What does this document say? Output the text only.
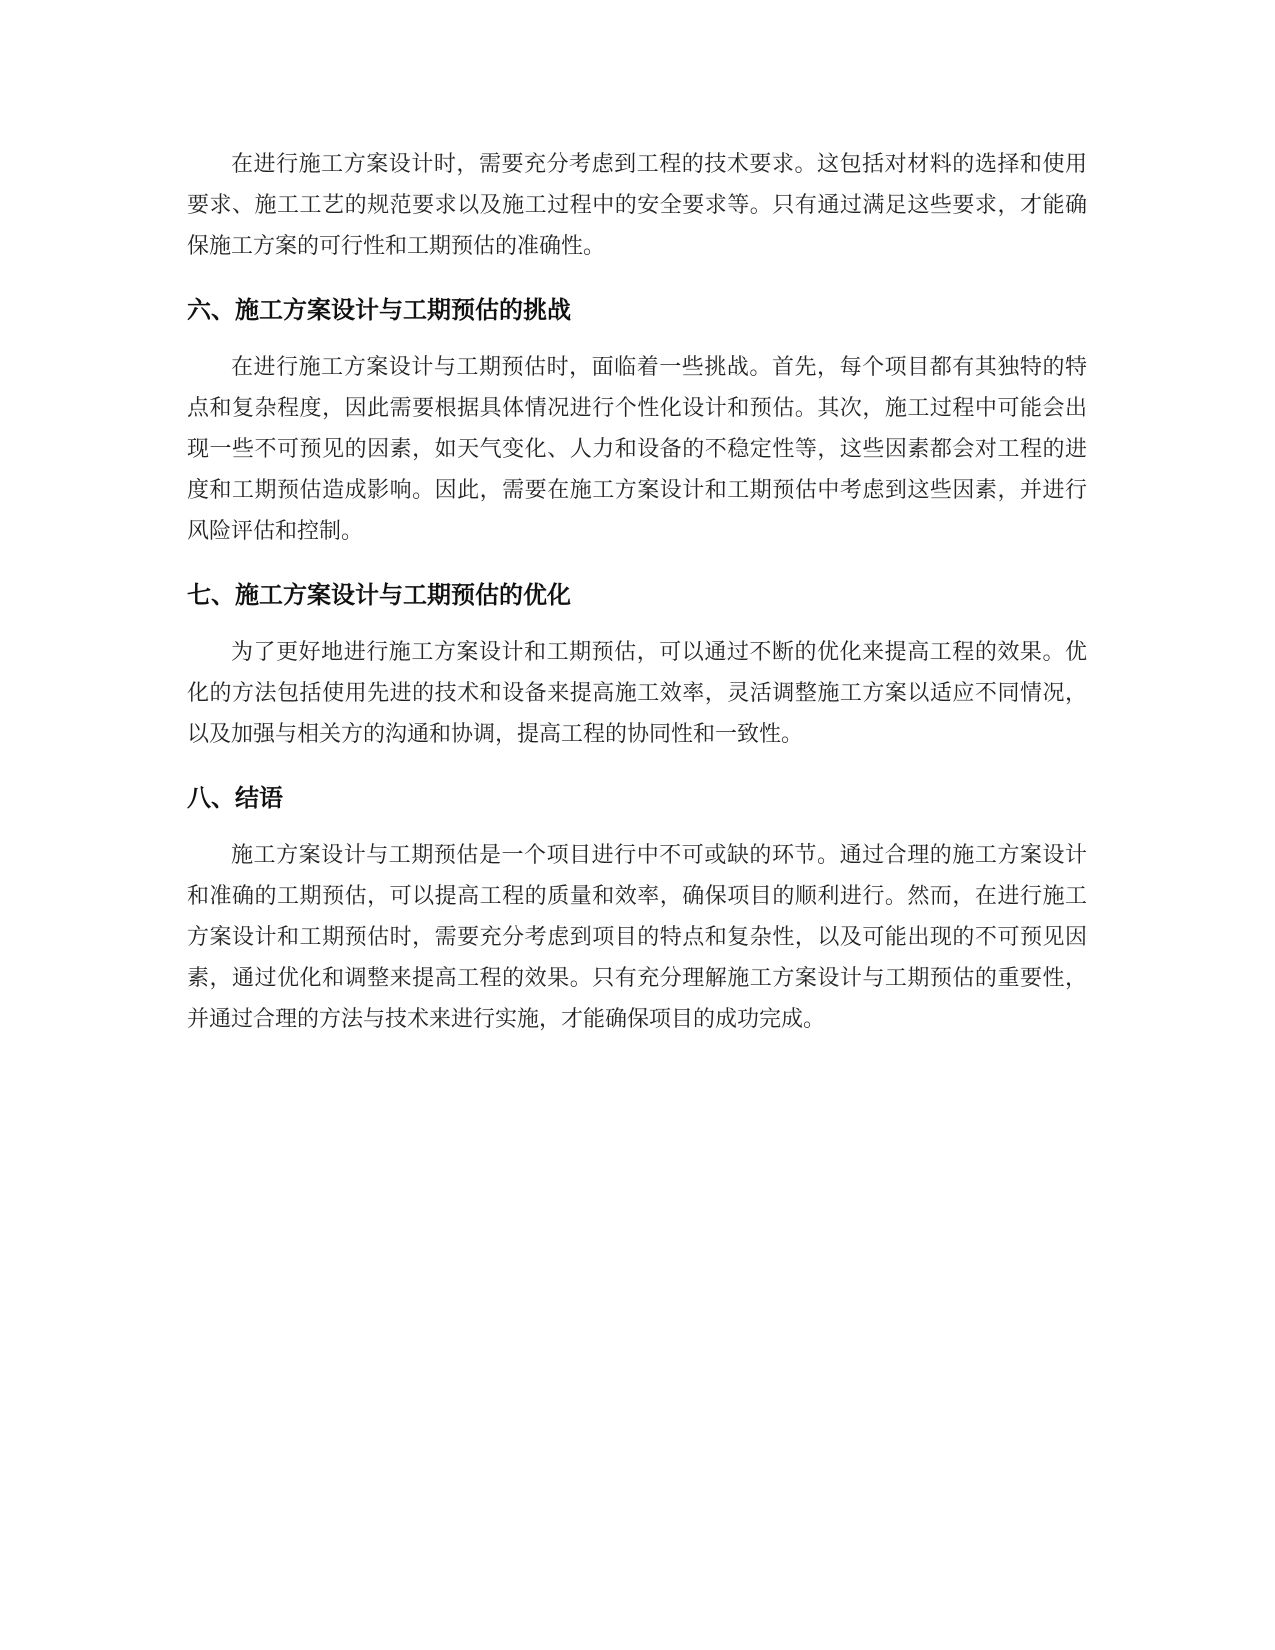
在进行施工方案设计时，需要充分考虑到工程的技术要求。这包括对材料的选择和使用要求、施工工艺的规范要求以及施工过程中的安全要求等。只有通过满足这些要求，才能确保施工方案的可行性和工期预估的准确性。

六、施工方案设计与工期预估的挑战

在进行施工方案设计与工期预估时，面临着一些挑战。首先，每个项目都有其独特的特点和复杂程度，因此需要根据具体情况进行个性化设计和预估。其次，施工过程中可能会出现一些不可预见的因素，如天气变化、人力和设备的不稳定性等，这些因素都会对工程的进度和工期预估造成影响。因此，需要在施工方案设计和工期预估中考虑到这些因素，并进行风险评估和控制。

七、施工方案设计与工期预估的优化

为了更好地进行施工方案设计和工期预估，可以通过不断的优化来提高工程的效果。优化的方法包括使用先进的技术和设备来提高施工效率，灵活调整施工方案以适应不同情况，以及加强与相关方的沟通和协调，提高工程的协同性和一致性。

八、结语

施工方案设计与工期预估是一个项目进行中不可或缺的环节。通过合理的施工方案设计和准确的工期预估，可以提高工程的质量和效率，确保项目的顺利进行。然而，在进行施工方案设计和工期预估时，需要充分考虑到项目的特点和复杂性，以及可能出现的不可预见因素，通过优化和调整来提高工程的效果。只有充分理解施工方案设计与工期预估的重要性，并通过合理的方法与技术来进行实施，才能确保项目的成功完成。
